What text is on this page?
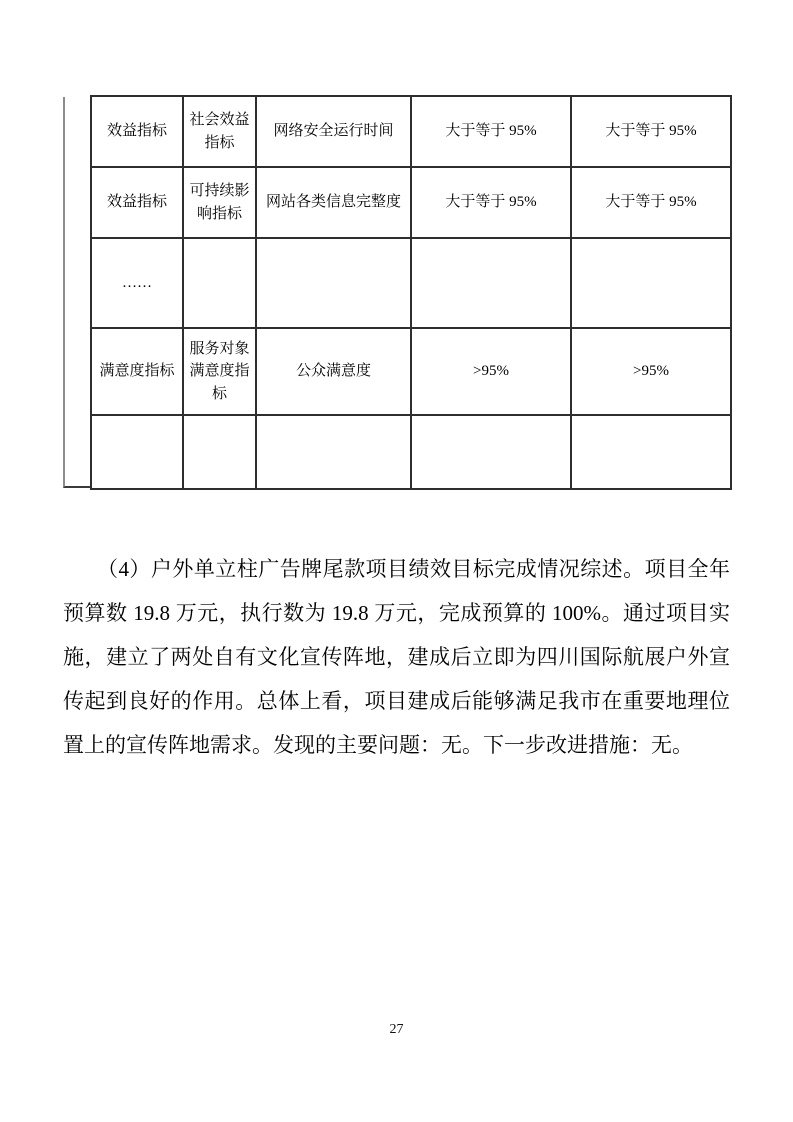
效益指标	社会效益指标	网络安全运行时间	大于等于 95%	大于等于 95%
效益指标	可持续影响指标	网站各类信息完整度	大于等于 95%	大于等于 95%
……				
满意度指标	服务对象满意度指标	公众满意度	>95%	>95%

（4）户外单立柱广告牌尾款项目绩效目标完成情况综述。项目全年
预算数 19.8 万元，执行数为 19.8 万元，完成预算的 100%。通过项目实
施，建立了两处自有文化宣传阵地，建成后立即为四川国际航展户外宣
传起到良好的作用。总体上看，项目建成后能够满足我市在重要地理位
置上的宣传阵地需求。发现的主要问题：无。下一步改进措施：无。
27
